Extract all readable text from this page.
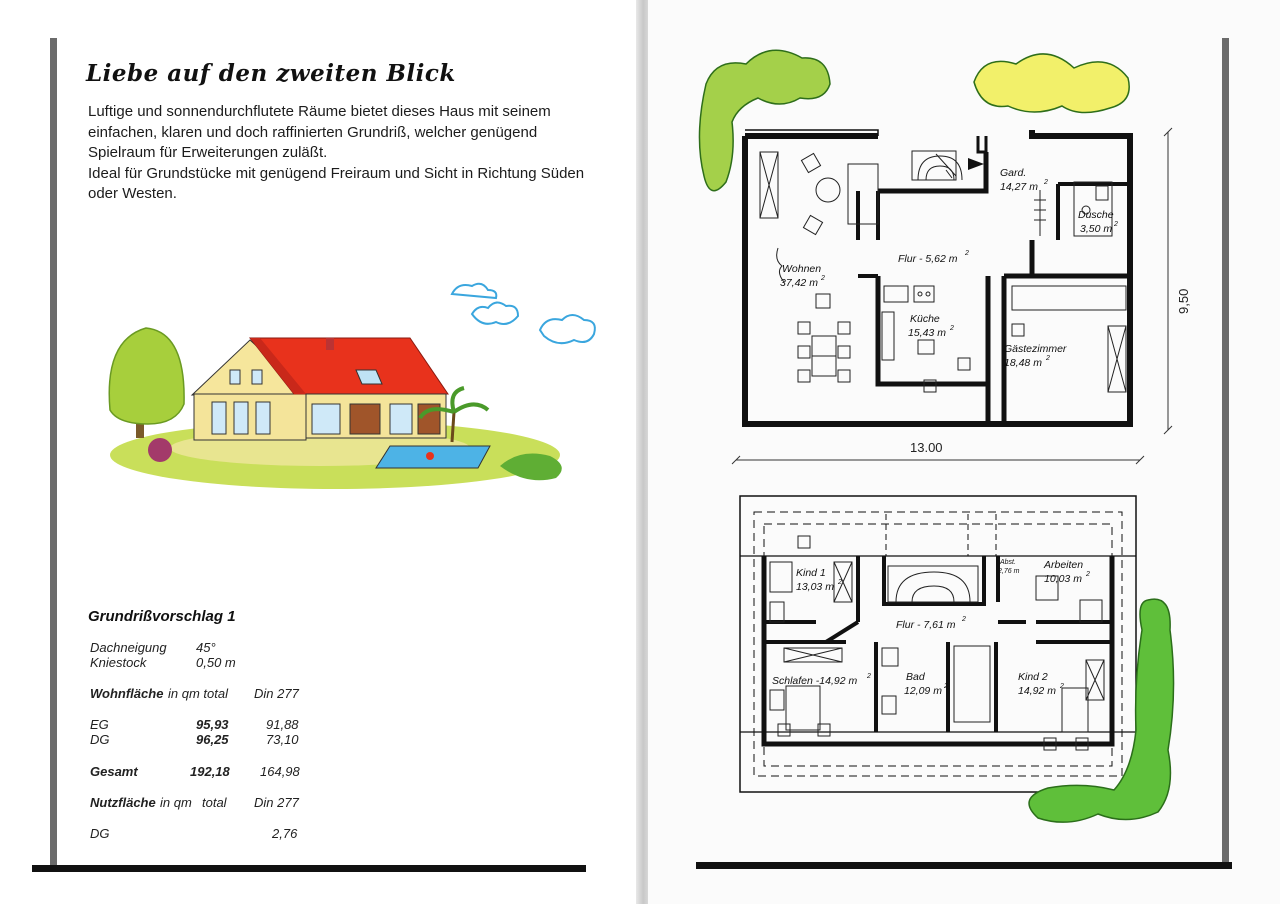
Liebe auf den zweiten Blick

Luftige und sonnendurchflutete Räume bietet dieses Haus mit seinem einfachen, klaren und doch raffinierten Grundriß, welcher genügend Spielraum für Erweiterungen zuläßt.

Ideal für Grundstücke mit genügend Freiraum und Sicht in Richtung Süden oder Westen.

Grundrißvorschlag 1
Dachneigung 45°
Kniestock	0,50 m
Wohnfläche in qm total Din 277
EG	95,93	91,88
DG	96,25	73,10
Gesamt	192,18 164,98
Nutzfläche in qm total Din 277
DG	2,76
Wohnen
37,42 m 2
Flur - 5,62 m 2
Gard.
14,27 m 2
Dusche
3,50 m 2
Küche
15,43 m 2
Gästezimmer
18,48 m 2
13.00
9,50
Kind 1
13,03 m 2
Abst.
2,76 m
Arbeiten
10,03 m 2
Flur - 7,61 m 2
Schlafen -14,92 m 2	Bad
12,09 m 2
Kind 2
14,92 m 2
